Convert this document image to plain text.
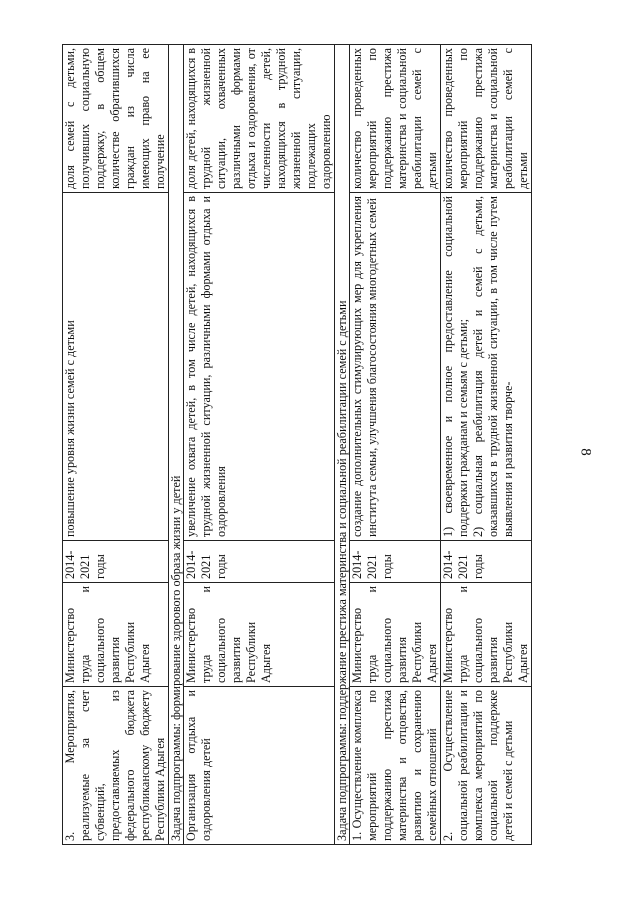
8
3. Мероприятия, реализуемые за счет субвенций, предоставляемых из федерального бюджета республиканскому бюджету Республики Адыгея	Министерство труда и социального развития Республики Адыгея	2014-2021 годы	повышение уровня жизни семей с детьми	доля семей с детьми, получивших социальную поддержку, в общем количестве обратившихся граждан из числа имеющих право на ее получение
Задача подпрограммы: формирование здорового образа жизни у детей				
Организация отдыха и оздоровления детей	Министерство труда и социального развития Республики Адыгея	2014-2021 годы	увеличение охвата детей, в том числе детей, находящихся в трудной жизненной ситуации, различными формами отдыха и оздоровления	доля детей, находящихся в трудной жизненной ситуации, охваченных различными формами отдыха и оздоровления, от численности детей, находящихся в трудной жизненной ситуации, подлежащих оздоровлению
Задача подпрограммы: поддержание престижа материнства и социальной реабилитации семей с детьми				
1. Осуществление комплекса мероприятий по поддержанию престижа материнства и отцовства, развитию и сохранению семейных отношений	Министерство труда и социального развития Республики Адыгея	2014-2021 годы	создание дополнительных стимулирующих мер для укрепления института семьи, улучшения благосостояния многодетных семей	количество проведенных мероприятий по поддержанию престижа материнства и социальной реабилитации семей с детьми
2. Осуществление социальной реабилитации и комплекса мероприятий по социальной поддержке детей и семей с детьми	Министерство труда и социального развития Республики Адыгея	2014-2021 годы	1) своевременное и полное предоставление социальной поддержки гражданам и семьям с детьми; 2) социальная реабилитация детей и семей с детьми, оказавшихся в трудной жизненной ситуации, в том числе путем выявления и развития творче-	количество проведенных мероприятий по поддержанию престижа материнства и социальной реабилитации семей с детьми
